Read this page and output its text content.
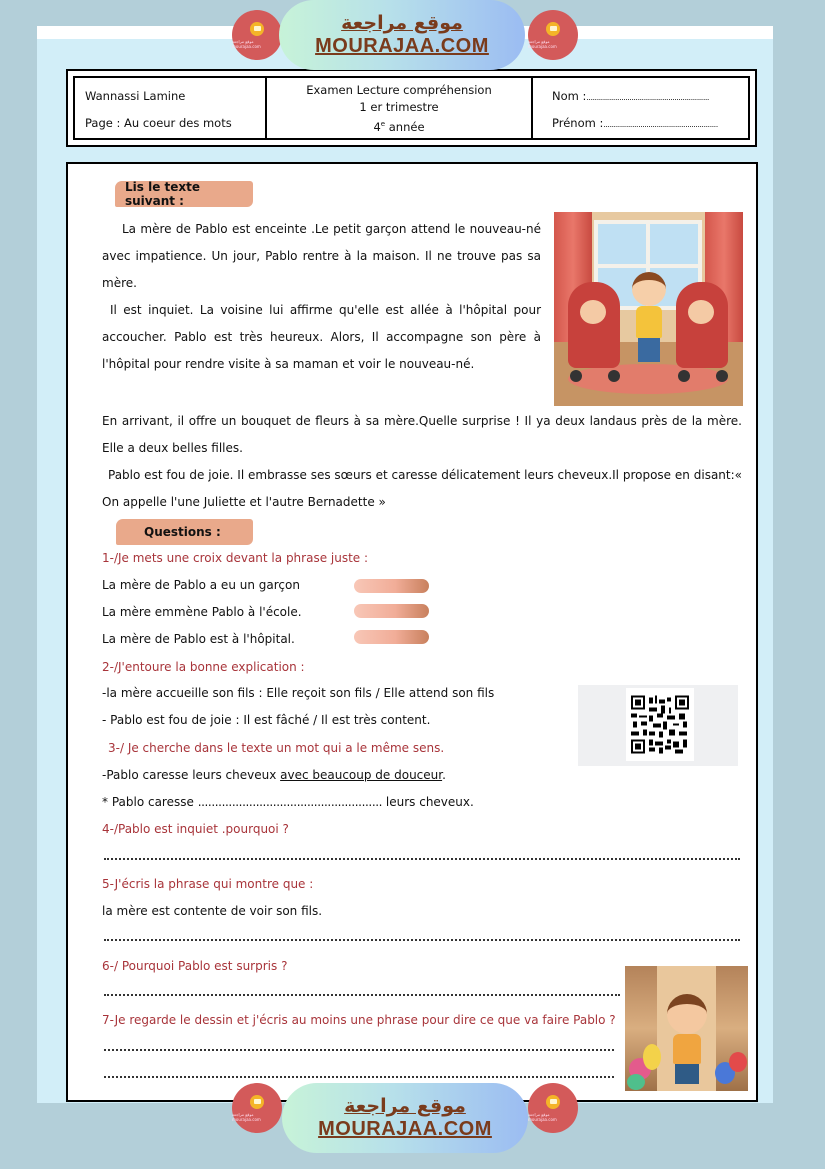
موقع مراجعة mourajaa.com
موقع مراجعة
MOURAJAA.COM	موقع مراجعة mourajaa.com
Wannassi Lamine
Page : Au coeur des mots
Examen Lecture compréhension
1 er trimestre
4e année
Nom :............................................................
Prénom :........................................................
Lis le texte suivant :
La mère de Pablo est enceinte .Le petit garçon attend le nouveau-né
avec impatience. Un jour, Pablo rentre à la maison. Il ne trouve pas sa
mère.
Il est inquiet. La voisine lui affirme qu'elle est allée à l'hôpital pour
accoucher. Pablo est très heureux. Alors, Il accompagne son père à
l'hôpital pour rendre visite à sa maman et voir le nouveau-né.
En arrivant, il offre un bouquet de fleurs à sa mère.Quelle surprise ! Il ya deux landaus près de la mère.
Elle a deux belles filles.
Pablo est fou de joie. Il embrasse ses sœurs et caresse délicatement leurs cheveux.Il propose en disant:«
On appelle l'une Juliette et l'autre Bernadette »
Questions :
1-/Je mets une croix devant la phrase juste :
La mère de Pablo a eu un garçon
La mère emmène Pablo à l'école.
La mère de Pablo est à l'hôpital.
2-/J'entoure la bonne explication :
-la mère accueille son fils : Elle reçoit son fils / Elle attend son fils
- Pablo est fou de joie : Il est fâché / Il est très content.
3-/ Je cherche dans le texte un mot qui a le même sens.
-Pablo caresse leurs cheveux avec beaucoup de douceur.
* Pablo caresse ...................................................... leurs cheveux.
4-/Pablo est inquiet .pourquoi ?
5-J'écris la phrase qui montre que :
la mère est contente de voir son fils.
6-/ Pourquoi Pablo est surpris ?
7-Je regarde le dessin et j'écris au moins une phrase pour dire ce que va faire Pablo ?
موقع مراجعة mourajaa.com
موقع مراجعة
MOURAJAA.COM
موقع مراجعة mourajaa.com
